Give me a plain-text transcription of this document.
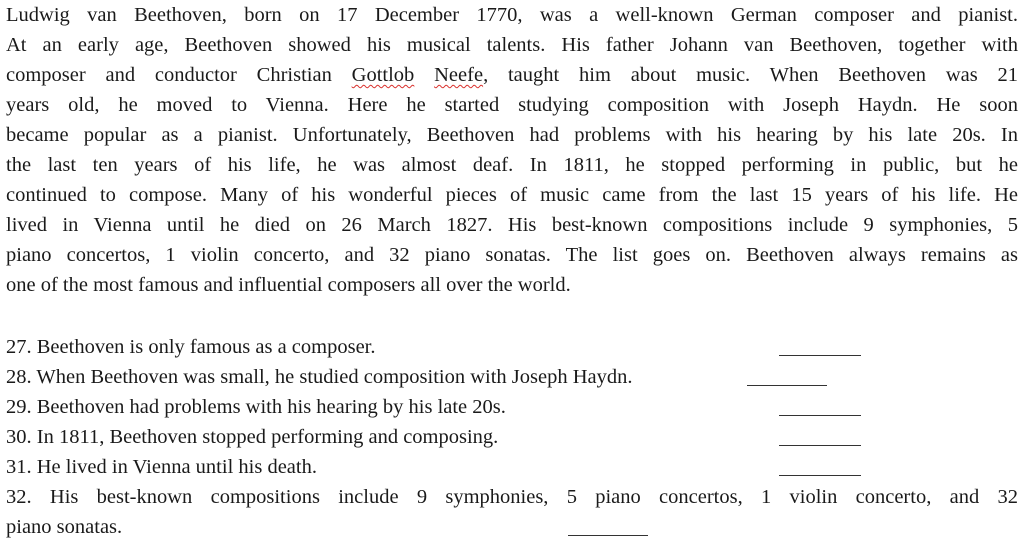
Ludwig van Beethoven, born on 17 December 1770, was a well-known German composer and pianist.
At an early age, Beethoven showed his musical talents. His father Johann van Beethoven, together with
composer and conductor Christian Gottlob Neefe, taught him about music. When Beethoven was 21
years old, he moved to Vienna. Here he started studying composition with Joseph Haydn. He soon
became popular as a pianist. Unfortunately, Beethoven had problems with his hearing by his late 20s. In
the last ten years of his life, he was almost deaf. In 1811, he stopped performing in public, but he
continued to compose. Many of his wonderful pieces of music came from the last 15 years of his life. He
lived in Vienna until he died on 26 March 1827. His best-known compositions include 9 symphonies, 5
piano concertos, 1 violin concerto, and 32 piano sonatas. The list goes on. Beethoven always remains as
one of the most famous and influential composers all over the world.
27. Beethoven is only famous as a composer.
28. When Beethoven was small, he studied composition with Joseph Haydn.
29. Beethoven had problems with his hearing by his late 20s.
30. In 1811, Beethoven stopped performing and composing.
31. He lived in Vienna until his death.
32. His best-known compositions include 9 symphonies, 5 piano concertos, 1 violin concerto, and 32
piano sonatas.
